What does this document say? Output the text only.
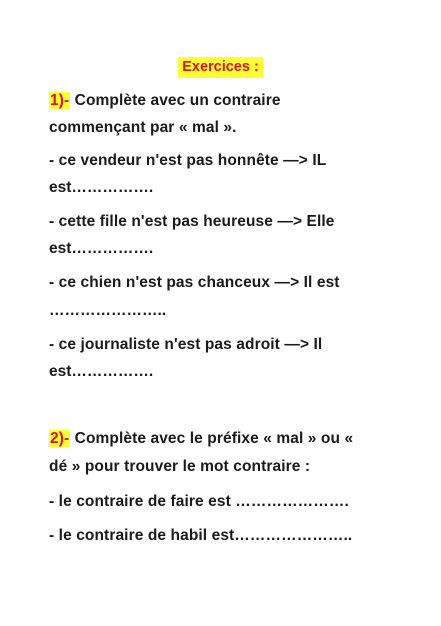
Exercices :
1)- Complète avec un contraire
commençant par « mal ».
- ce vendeur n'est pas honnête —> IL
est…………….
- cette fille n'est pas heureuse —> Elle
est…………….
- ce chien n'est pas chanceux —> Il est
…………………..
- ce journaliste n'est pas adroit —> Il
est…………….
2)- Complète avec le préfixe « mal » ou «
dé » pour trouver le mot contraire :
- le contraire de faire est ………………….
- le contraire de habil est…………………..
